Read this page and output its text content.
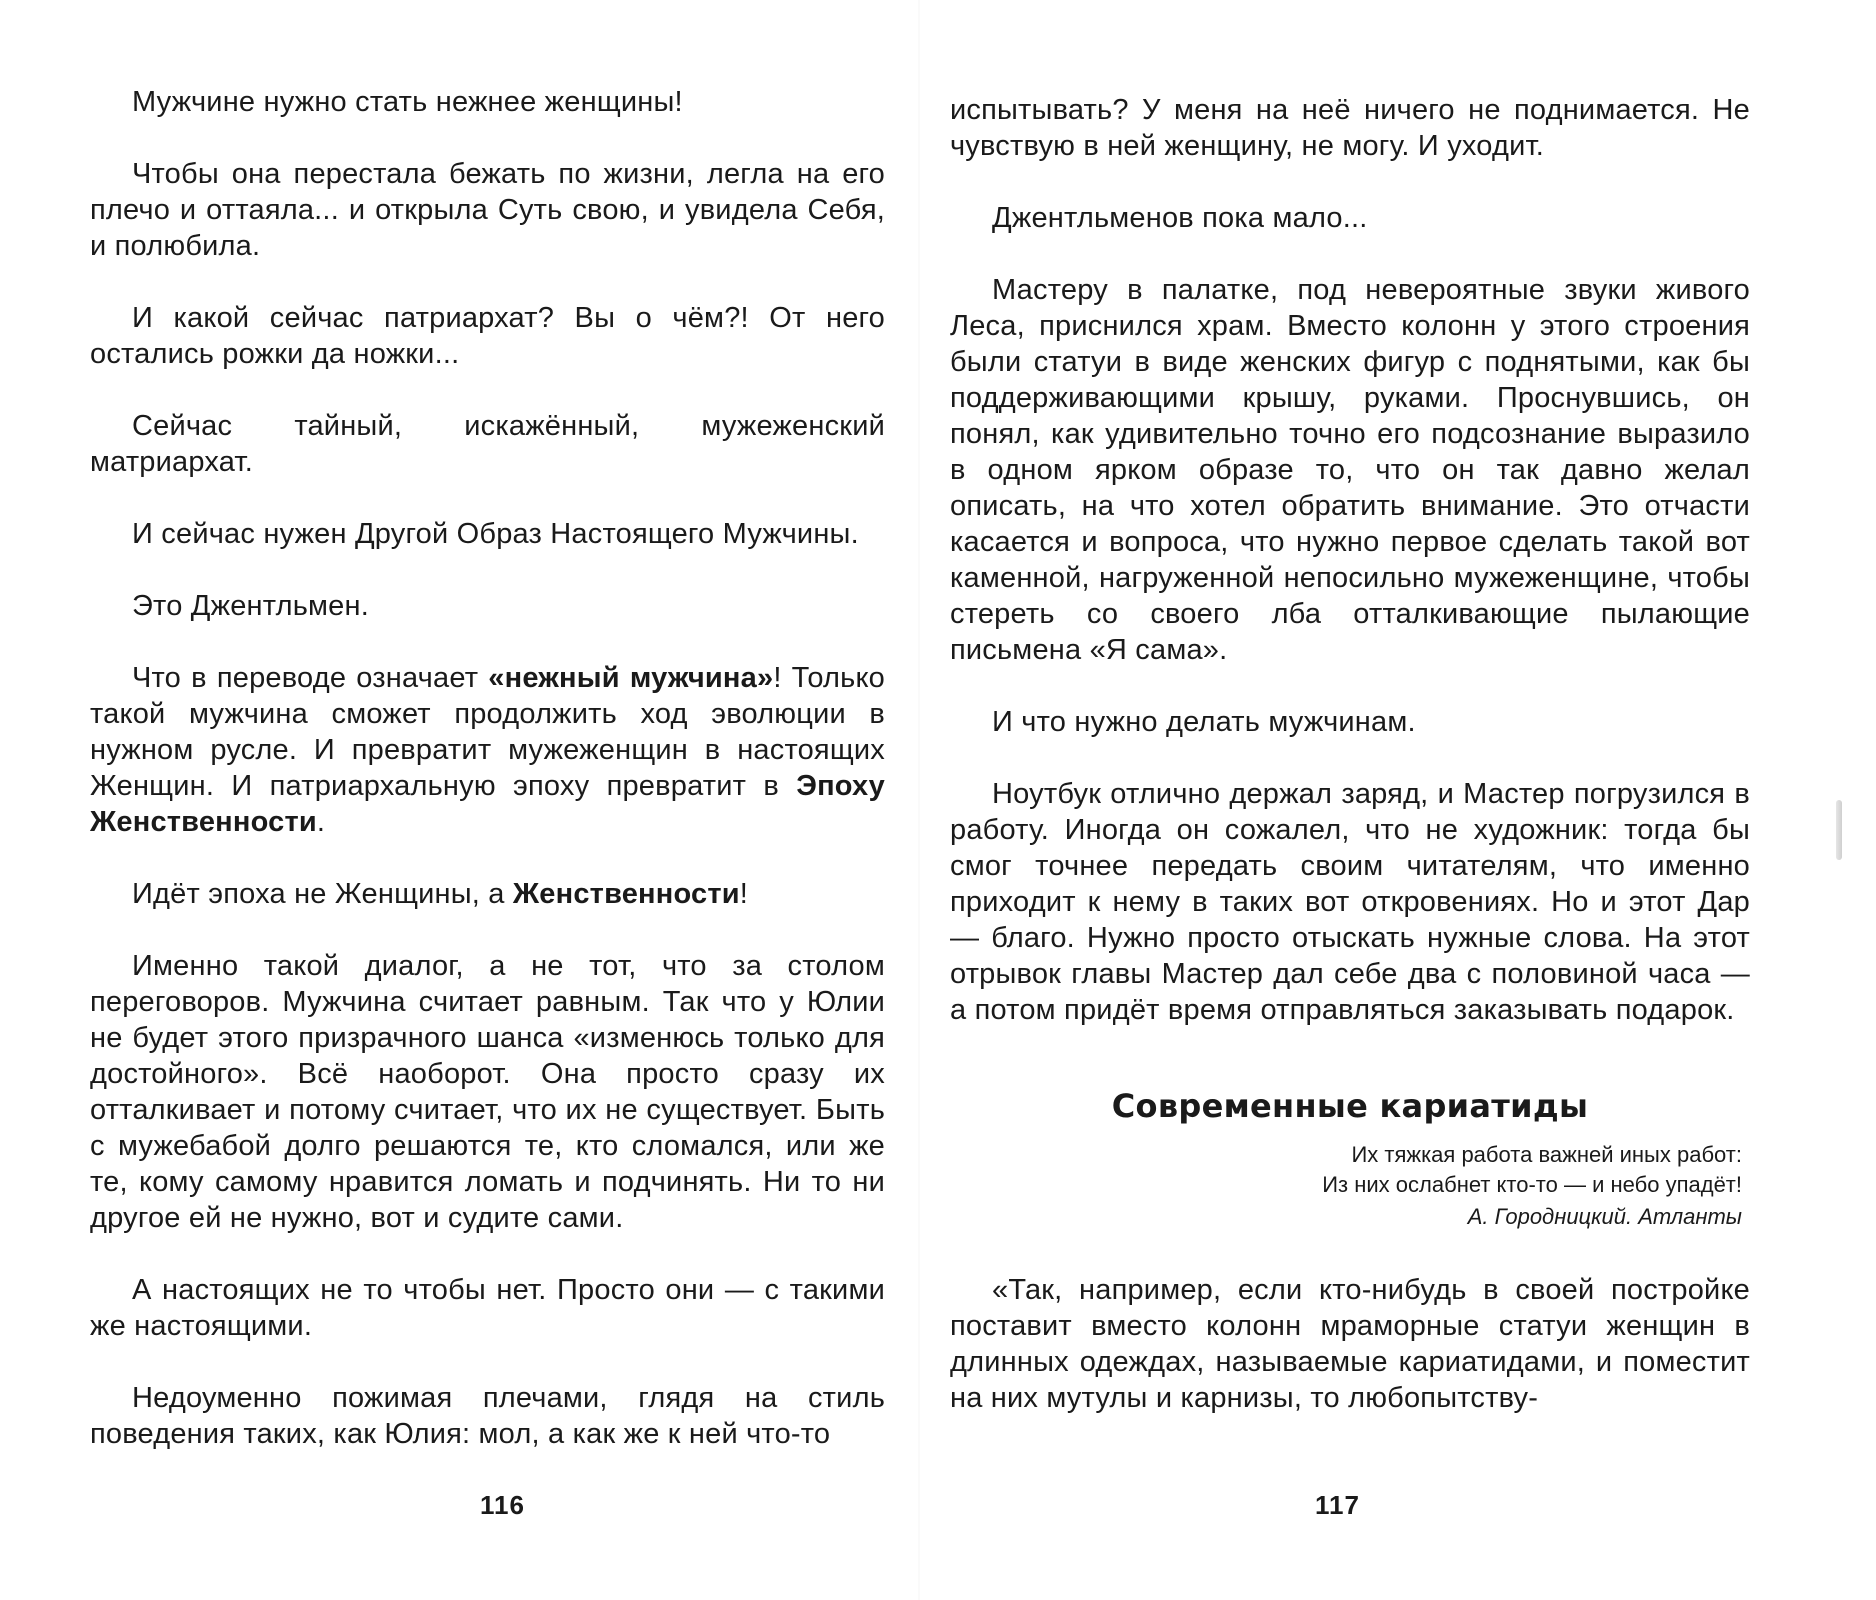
Мужчине нужно стать нежнее женщины!

Чтобы она перестала бежать по жизни, легла на его плечо и оттаяла... и открыла Суть свою, и увидела Себя, и полюбила.

И какой сейчас патриархат? Вы о чём?! От него остались рожки да ножки...

Сейчас тайный, искажённый, мужеженский матриархат.

И сейчас нужен Другой Образ Настоящего Мужчины.

Это Джентльмен.

Что в переводе означает «нежный мужчина»! Только такой мужчина сможет продолжить ход эволюции в нужном русле. И превратит мужеженщин в настоящих Женщин. И патриархальную эпоху превратит в Эпоху Женственности.

Идёт эпоха не Женщины, а Женственности!

Именно такой диалог, а не тот, что за столом переговоров. Мужчина считает равным. Так что у Юлии не будет этого призрачного шанса «изменюсь только для достойного». Всё наоборот. Она просто сразу их отталкивает и потому считает, что их не существует. Быть с мужебабой долго решаются те, кто сломался, или же те, кому самому нравится ломать и подчинять. Ни то ни другое ей не нужно, вот и судите сами.

А настоящих не то чтобы нет. Просто они — с такими же настоящими.

Недоуменно пожимая плечами, глядя на стиль поведения таких, как Юлия: мол, а как же к ней что-то

116

испытывать? У меня на неё ничего не поднимается. Не чувствую в ней женщину, не могу. И уходит.

Джентльменов пока мало...

Мастеру в палатке, под невероятные звуки живого Леса, приснился храм. Вместо колонн у этого строения были статуи в виде женских фигур с поднятыми, как бы поддерживающими крышу, руками. Проснувшись, он понял, как удивительно точно его подсознание выразило в одном ярком образе то, что он так давно желал описать, на что хотел обратить внимание. Это отчасти касается и вопроса, что нужно первое сделать такой вот каменной, нагруженной непосильно мужеженщине, чтобы стереть со своего лба отталкивающие пылающие письмена «Я сама».

И что нужно делать мужчинам.

Ноутбук отлично держал заряд, и Мастер погрузился в работу. Иногда он сожалел, что не художник: тогда бы смог точнее передать своим читателям, что именно приходит к нему в таких вот откровениях. Но и этот Дар — благо. Нужно просто отыскать нужные слова. На этот отрывок главы Мастер дал себе два с половиной часа — а потом придёт время отправляться заказывать подарок.

Современные кариатиды
Их тяжкая работа важней иных работ:
Из них ослабнет кто-то — и небо упадёт!
А. Городницкий. Атланты

«Так, например, если кто-нибудь в своей постройке поставит вместо колонн мраморные статуи женщин в длинных одеждах, называемые кариатидами, и поместит на них мутулы и карнизы, то любопытству-

117
